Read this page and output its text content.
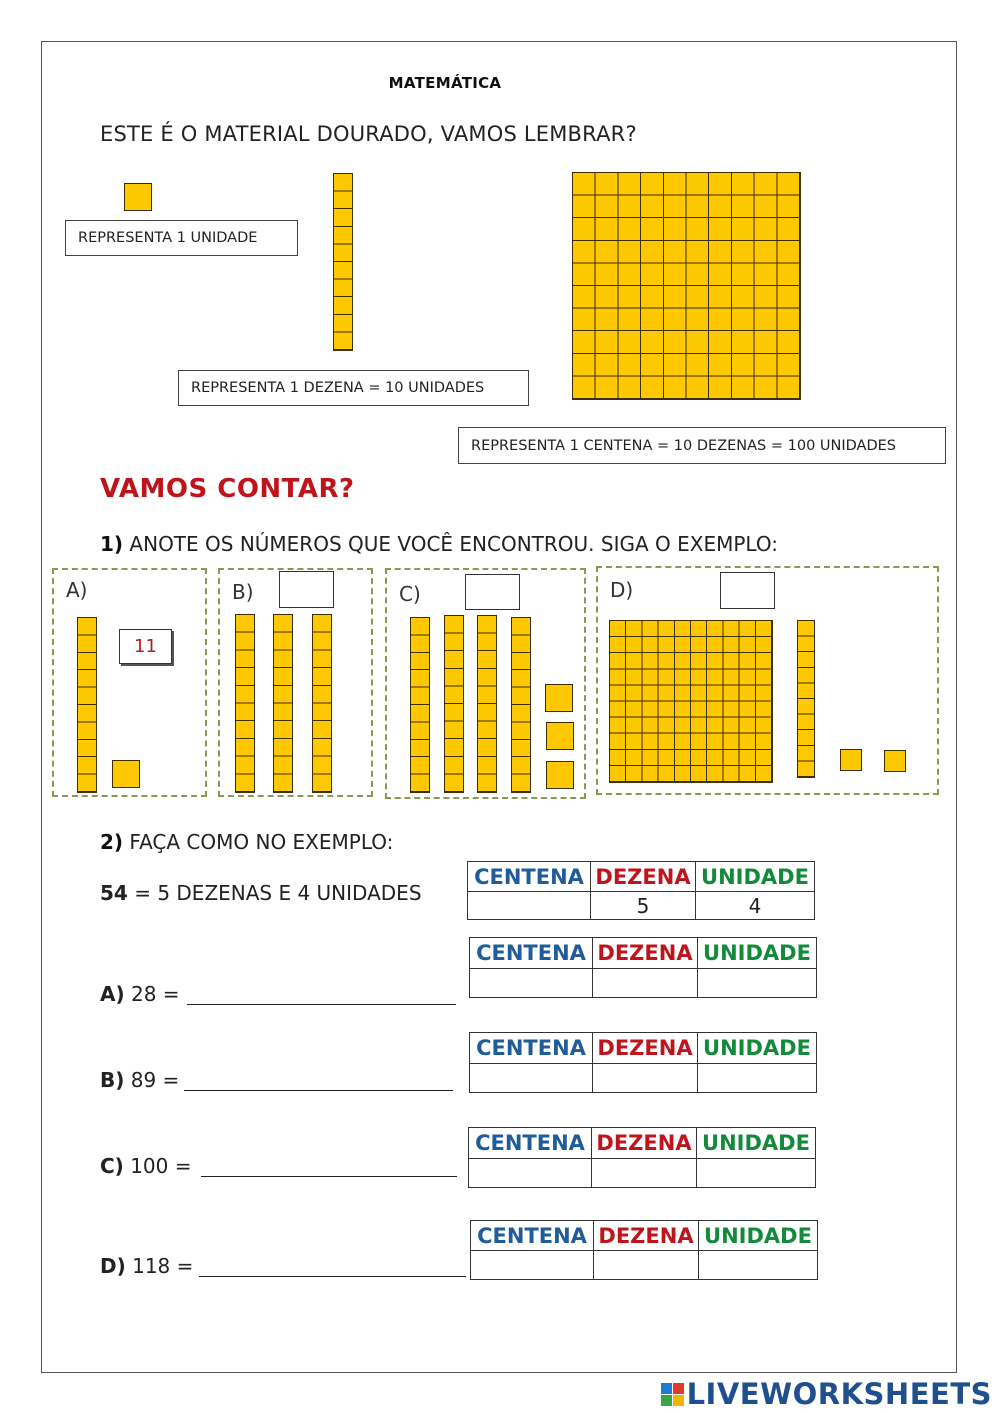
MATEMÁTICA
ESTE É O MATERIAL DOURADO, VAMOS LEMBRAR?
REPRESENTA 1 UNIDADE
REPRESENTA 1 DEZENA = 10 UNIDADES
REPRESENTA 1 CENTENA = 10 DEZENAS = 100 UNIDADES
VAMOS CONTAR?
1) ANOTE OS NÚMEROS QUE VOCÊ ENCONTROU. SIGA O EXEMPLO:
A)
11
B)	C)	D)
2) FAÇA COMO NO EXEMPLO:
54 = 5 DEZENAS E 4 UNIDADES
CENTENA	DEZENA	UNIDADE
	5	4
CENTENA	DEZENA	UNIDADE

A) 28 =
CENTENA	DEZENA	UNIDADE

B) 89 =
CENTENA	DEZENA	UNIDADE

C) 100 =
CENTENA	DEZENA	UNIDADE

D) 118 =
LIVEWORKSHEETS
